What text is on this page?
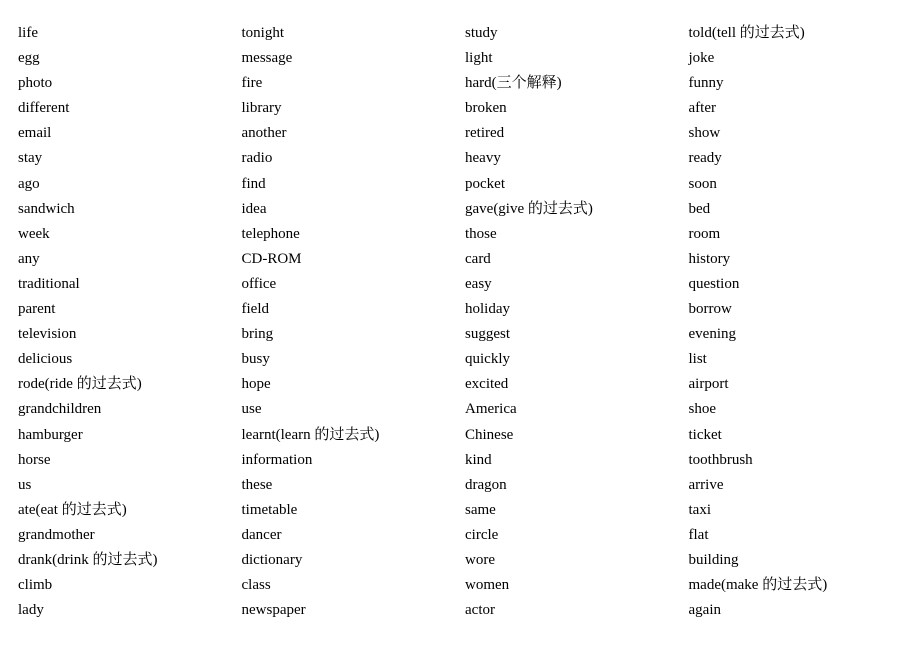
life
egg
photo
different
email
stay
ago
sandwich
week
any
traditional
parent
television
delicious
rode(ride 的过去式)
grandchildren
hamburger
horse
us
ate(eat 的过去式)
grandmother
drank(drink 的过去式)
climb
lady
tonight
message
fire
library
another
radio
find
idea
telephone
CD-ROM
office
field
bring
busy
hope
use
learnt(learn 的过去式)
information
these
timetable
dancer
dictionary
class
newspaper
study
light
hard(三个解释)
broken
retired
heavy
pocket
gave(give 的过去式)
those
card
easy
holiday
suggest
quickly
excited
America
Chinese
kind
dragon
same
circle
wore
women
actor
told(tell 的过去式)
joke
funny
after
show
ready
soon
bed
room
history
question
borrow
evening
list
airport
shoe
ticket
toothbrush
arrive
taxi
flat
building
made(make 的过去式)
again
